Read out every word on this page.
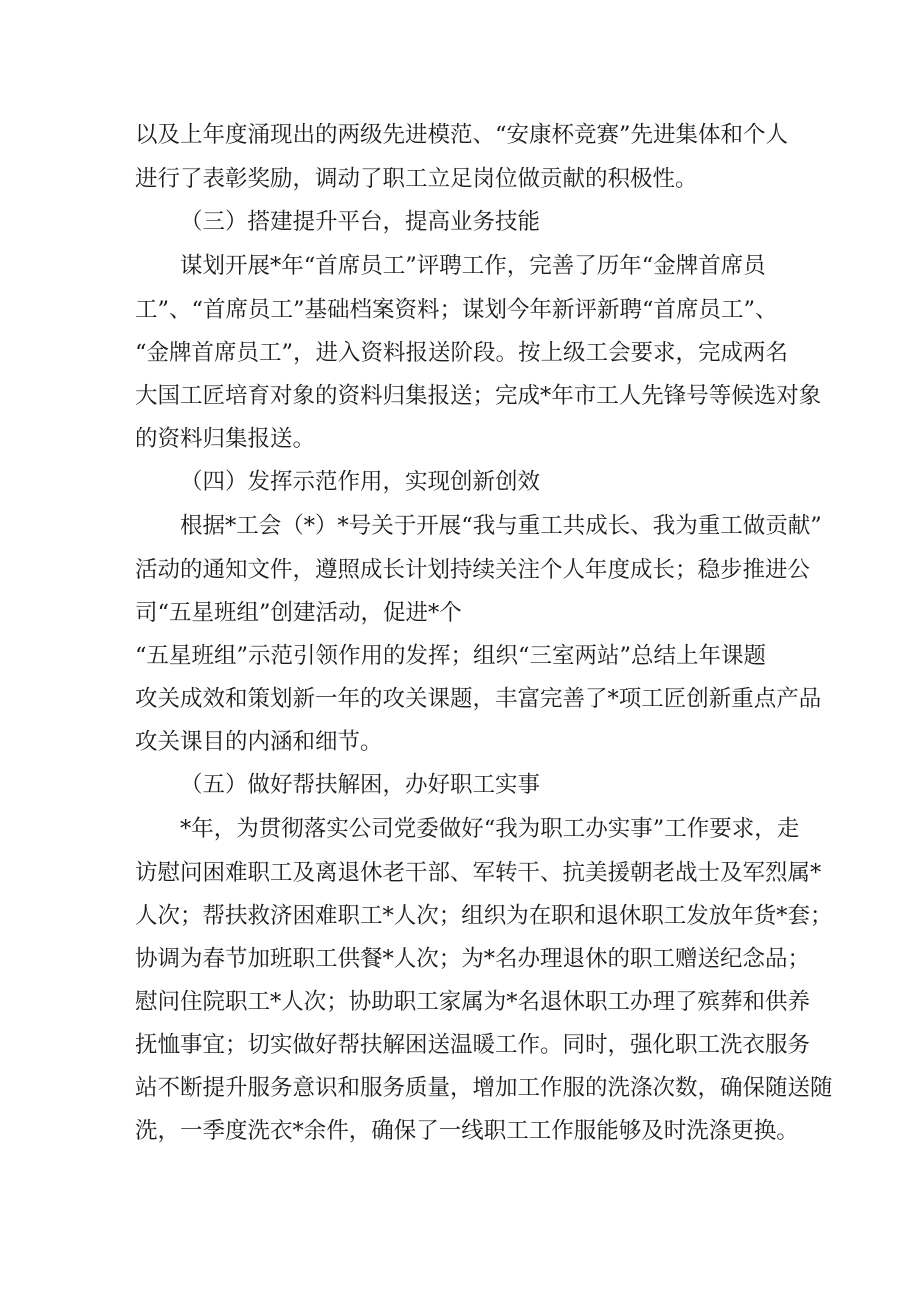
以及上年度涌现出的两级先进模范、“安康杯竞赛”先进集体和个人
进行了表彰奖励，调动了职工立足岗位做贡献的积极性。
（三）搭建提升平台，提高业务技能
谋划开展*年“首席员工”评聘工作，完善了历年“金牌首席员
工”、“首席员工”基础档案资料；谋划今年新评新聘“首席员工”、
“金牌首席员工”，进入资料报送阶段。按上级工会要求，完成两名
大国工匠培育对象的资料归集报送；完成*年市工人先锋号等候选对象
的资料归集报送。
（四）发挥示范作用，实现创新创效
根据*工会（*）*号关于开展“我与重工共成长、我为重工做贡献”
活动的通知文件，遵照成长计划持续关注个人年度成长；稳步推进公
司“五星班组”创建活动，促进*个
“五星班组”示范引领作用的发挥；组织“三室两站”总结上年课题
攻关成效和策划新一年的攻关课题，丰富完善了*项工匠创新重点产品
攻关课目的内涵和细节。
（五）做好帮扶解困，办好职工实事
*年，为贯彻落实公司党委做好“我为职工办实事”工作要求，走
访慰问困难职工及离退休老干部、军转干、抗美援朝老战士及军烈属*
人次；帮扶救济困难职工*人次；组织为在职和退休职工发放年货*套；
协调为春节加班职工供餐*人次；为*名办理退休的职工赠送纪念品；
慰问住院职工*人次；协助职工家属为*名退休职工办理了殡葬和供养
抚恤事宜；切实做好帮扶解困送温暖工作。同时，强化职工洗衣服务
站不断提升服务意识和服务质量，增加工作服的洗涤次数，确保随送随
洗，一季度洗衣*余件，确保了一线职工工作服能够及时洗涤更换。
